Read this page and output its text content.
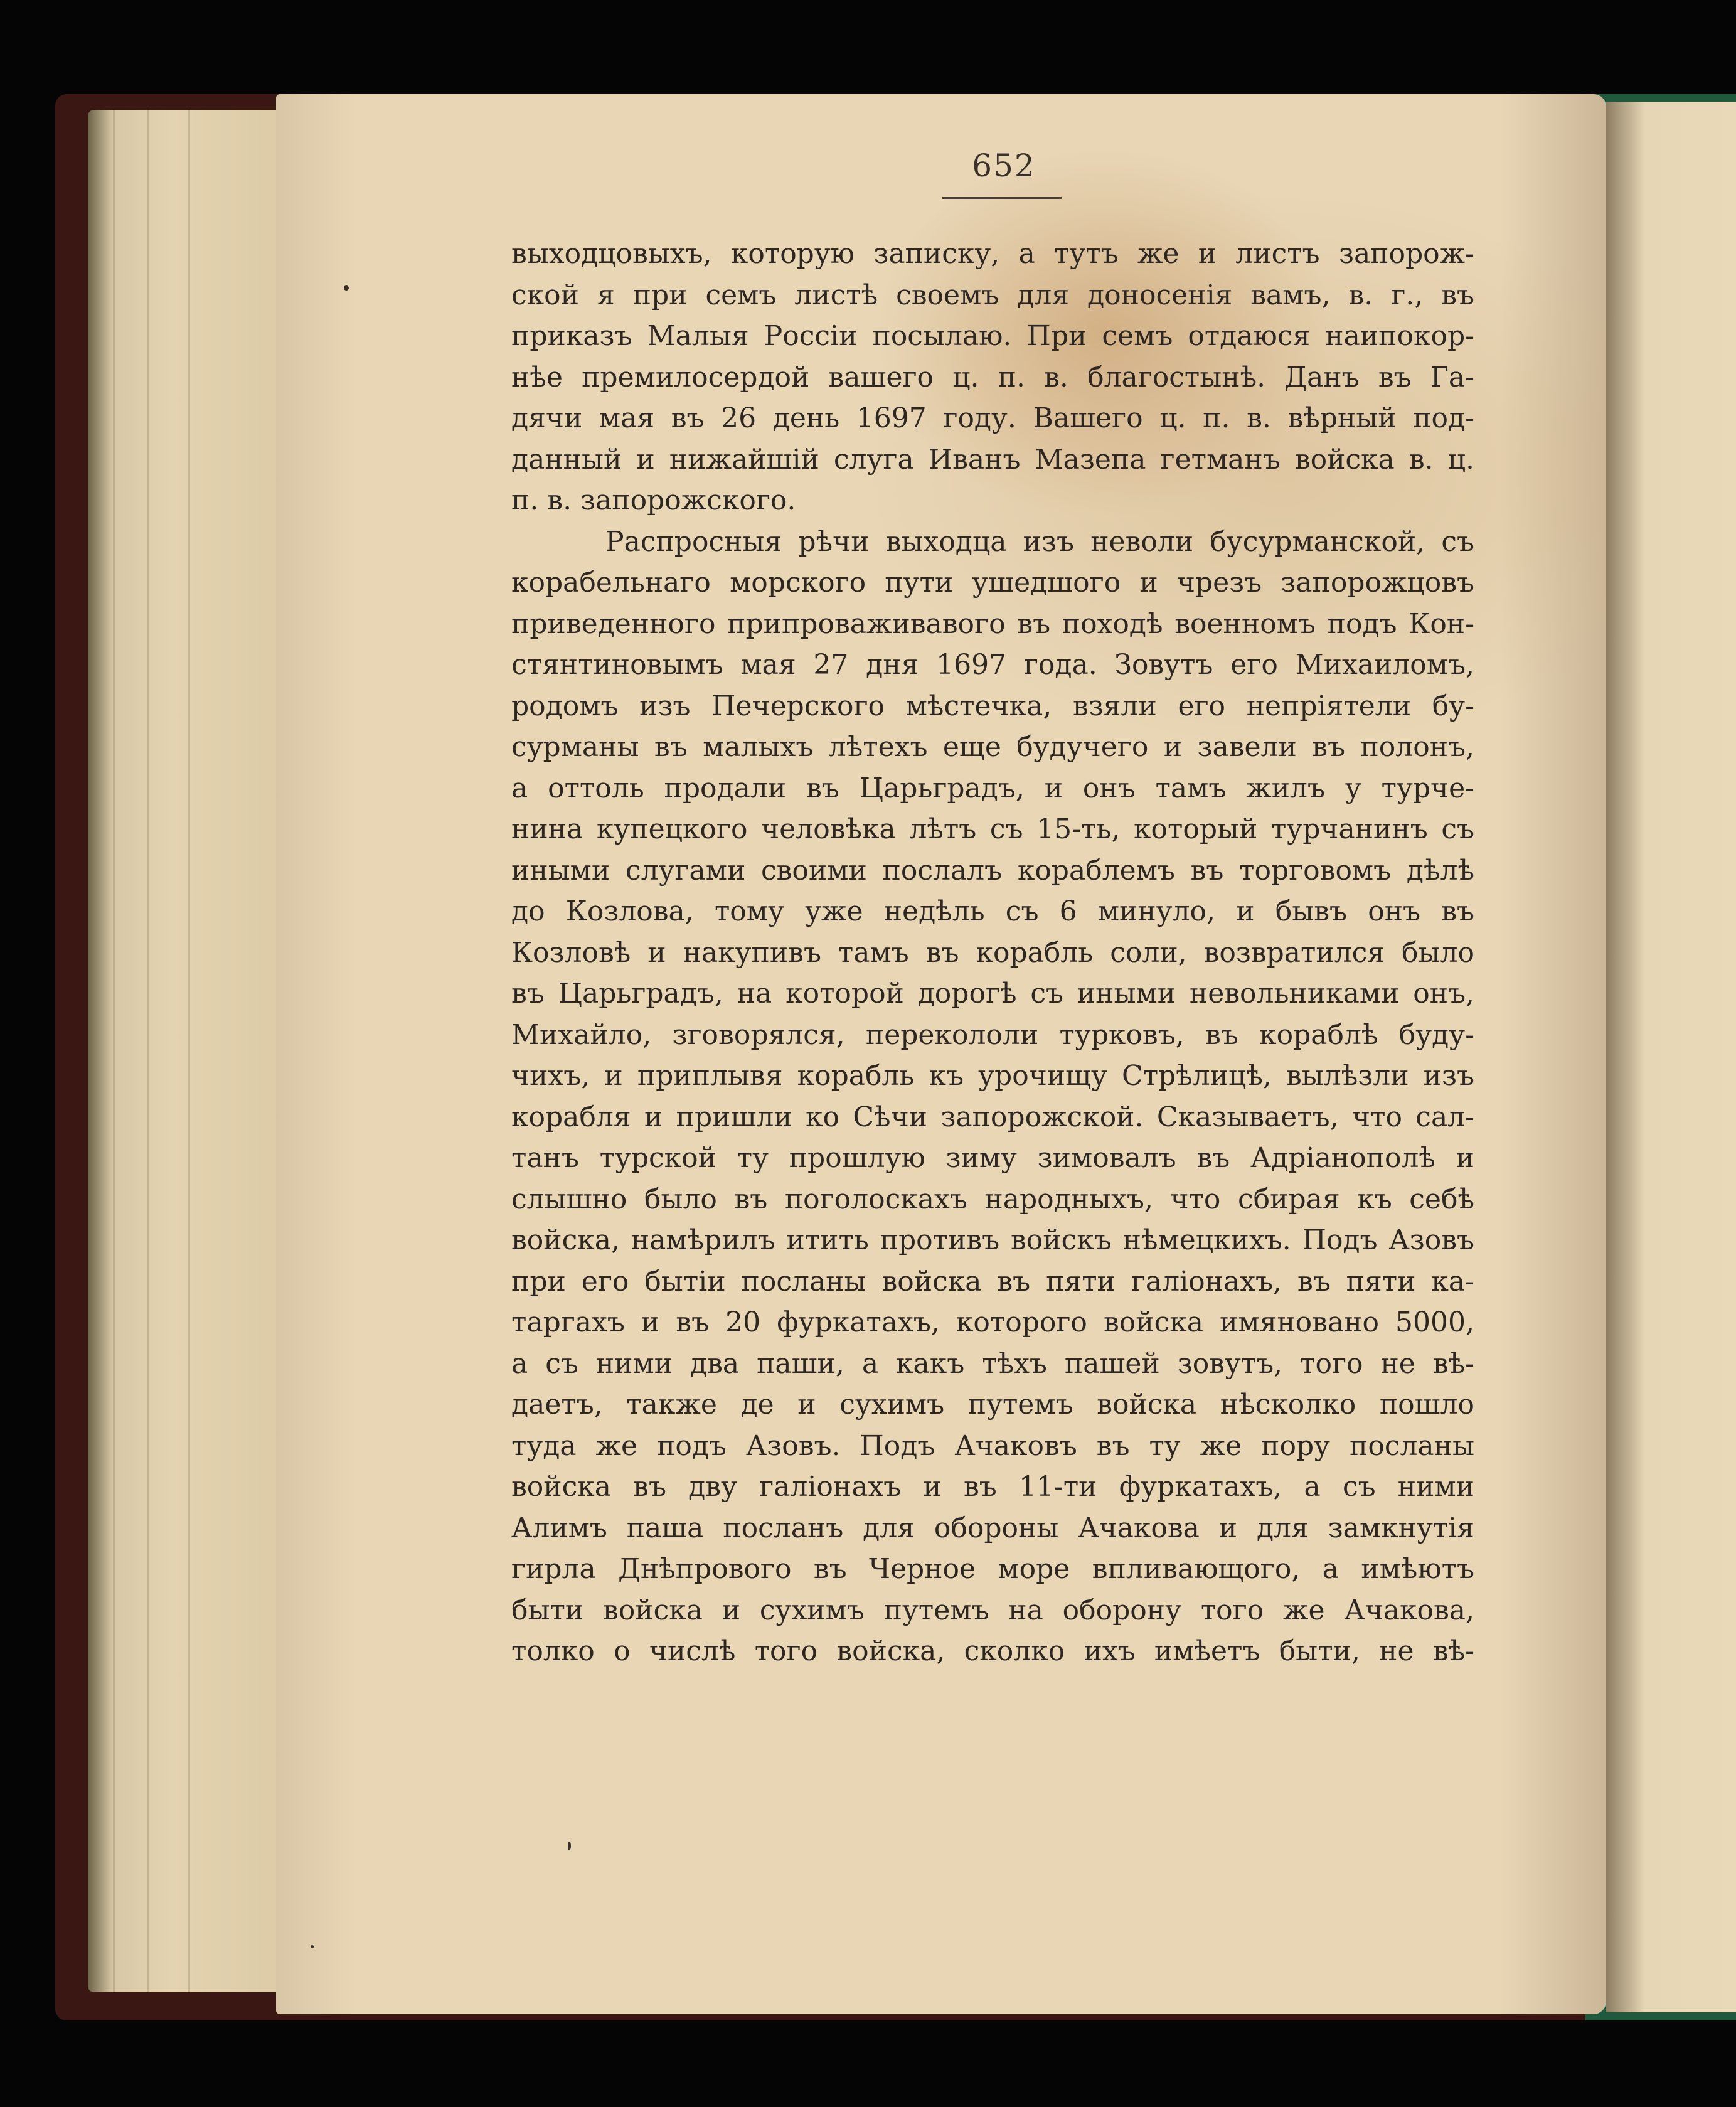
652
выходцовыхъ, которую записку, а тутъ же и листъ запорож-
ской я при семъ листѣ своемъ для доносенія вамъ, в. г., въ
приказъ Малыя Россіи посылаю. При семъ отдаюся наипокор-
нѣе премилосердой вашего ц. п. в. благостынѣ. Данъ въ Га-
дячи мая въ 26 день 1697 году. Вашего ц. п. в. вѣрный под-
данный и нижайшій слуга Иванъ Мазепа гетманъ войска в. ц.
п. в. запорожского.
Распросныя рѣчи выходца изъ неволи бусурманской, съ
корабельнаго морского пути ушедшого и чрезъ запорожцовъ
приведенного припроваживавого въ походѣ военномъ подъ Кон-
стянтиновымъ мая 27 дня 1697 года. Зовутъ его Михаиломъ,
родомъ изъ Печерского мѣстечка, взяли его непріятели бу-
сурманы въ малыхъ лѣтехъ еще будучего и завели въ полонъ,
а оттоль продали въ Царьградъ, и онъ тамъ жилъ у турче-
нина купецкого человѣка лѣтъ съ 15-ть, который турчанинъ съ
иными слугами своими послалъ кораблемъ въ торговомъ дѣлѣ
до Козлова, тому уже недѣль съ 6 минуло, и бывъ онъ въ
Козловѣ и накупивъ тамъ въ корабль соли, возвратился было
въ Царьградъ, на которой дорогѣ съ иными невольниками онъ,
Михайло, зговорялся, перекололи турковъ, въ кораблѣ буду-
чихъ, и приплывя корабль къ урочищу Стрѣлицѣ, вылѣзли изъ
корабля и пришли ко Сѣчи запорожской. Сказываетъ, что сал-
танъ турской ту прошлую зиму зимовалъ въ Адріанополѣ и
слышно было въ поголоскахъ народныхъ, что сбирая къ себѣ
войска, намѣрилъ итить противъ войскъ нѣмецкихъ. Подъ Азовъ
при его бытіи посланы войска въ пяти галіонахъ, въ пяти ка-
таргахъ и въ 20 фуркатахъ, которого войска имяновано 5000,
а съ ними два паши, а какъ тѣхъ пашей зовутъ, того не вѣ-
даетъ, также де и сухимъ путемъ войска нѣсколко пошло
туда же подъ Азовъ. Подъ Ачаковъ въ ту же пору посланы
войска въ дву галіонахъ и въ 11-ти фуркатахъ, а съ ними
Алимъ паша посланъ для обороны Ачакова и для замкнутія
гирла Днѣпрового въ Черное море впливающого, а имѣютъ
быти войска и сухимъ путемъ на оборону того же Ачакова,
толко о числѣ того войска, сколко ихъ имѣетъ быти, не вѣ-
